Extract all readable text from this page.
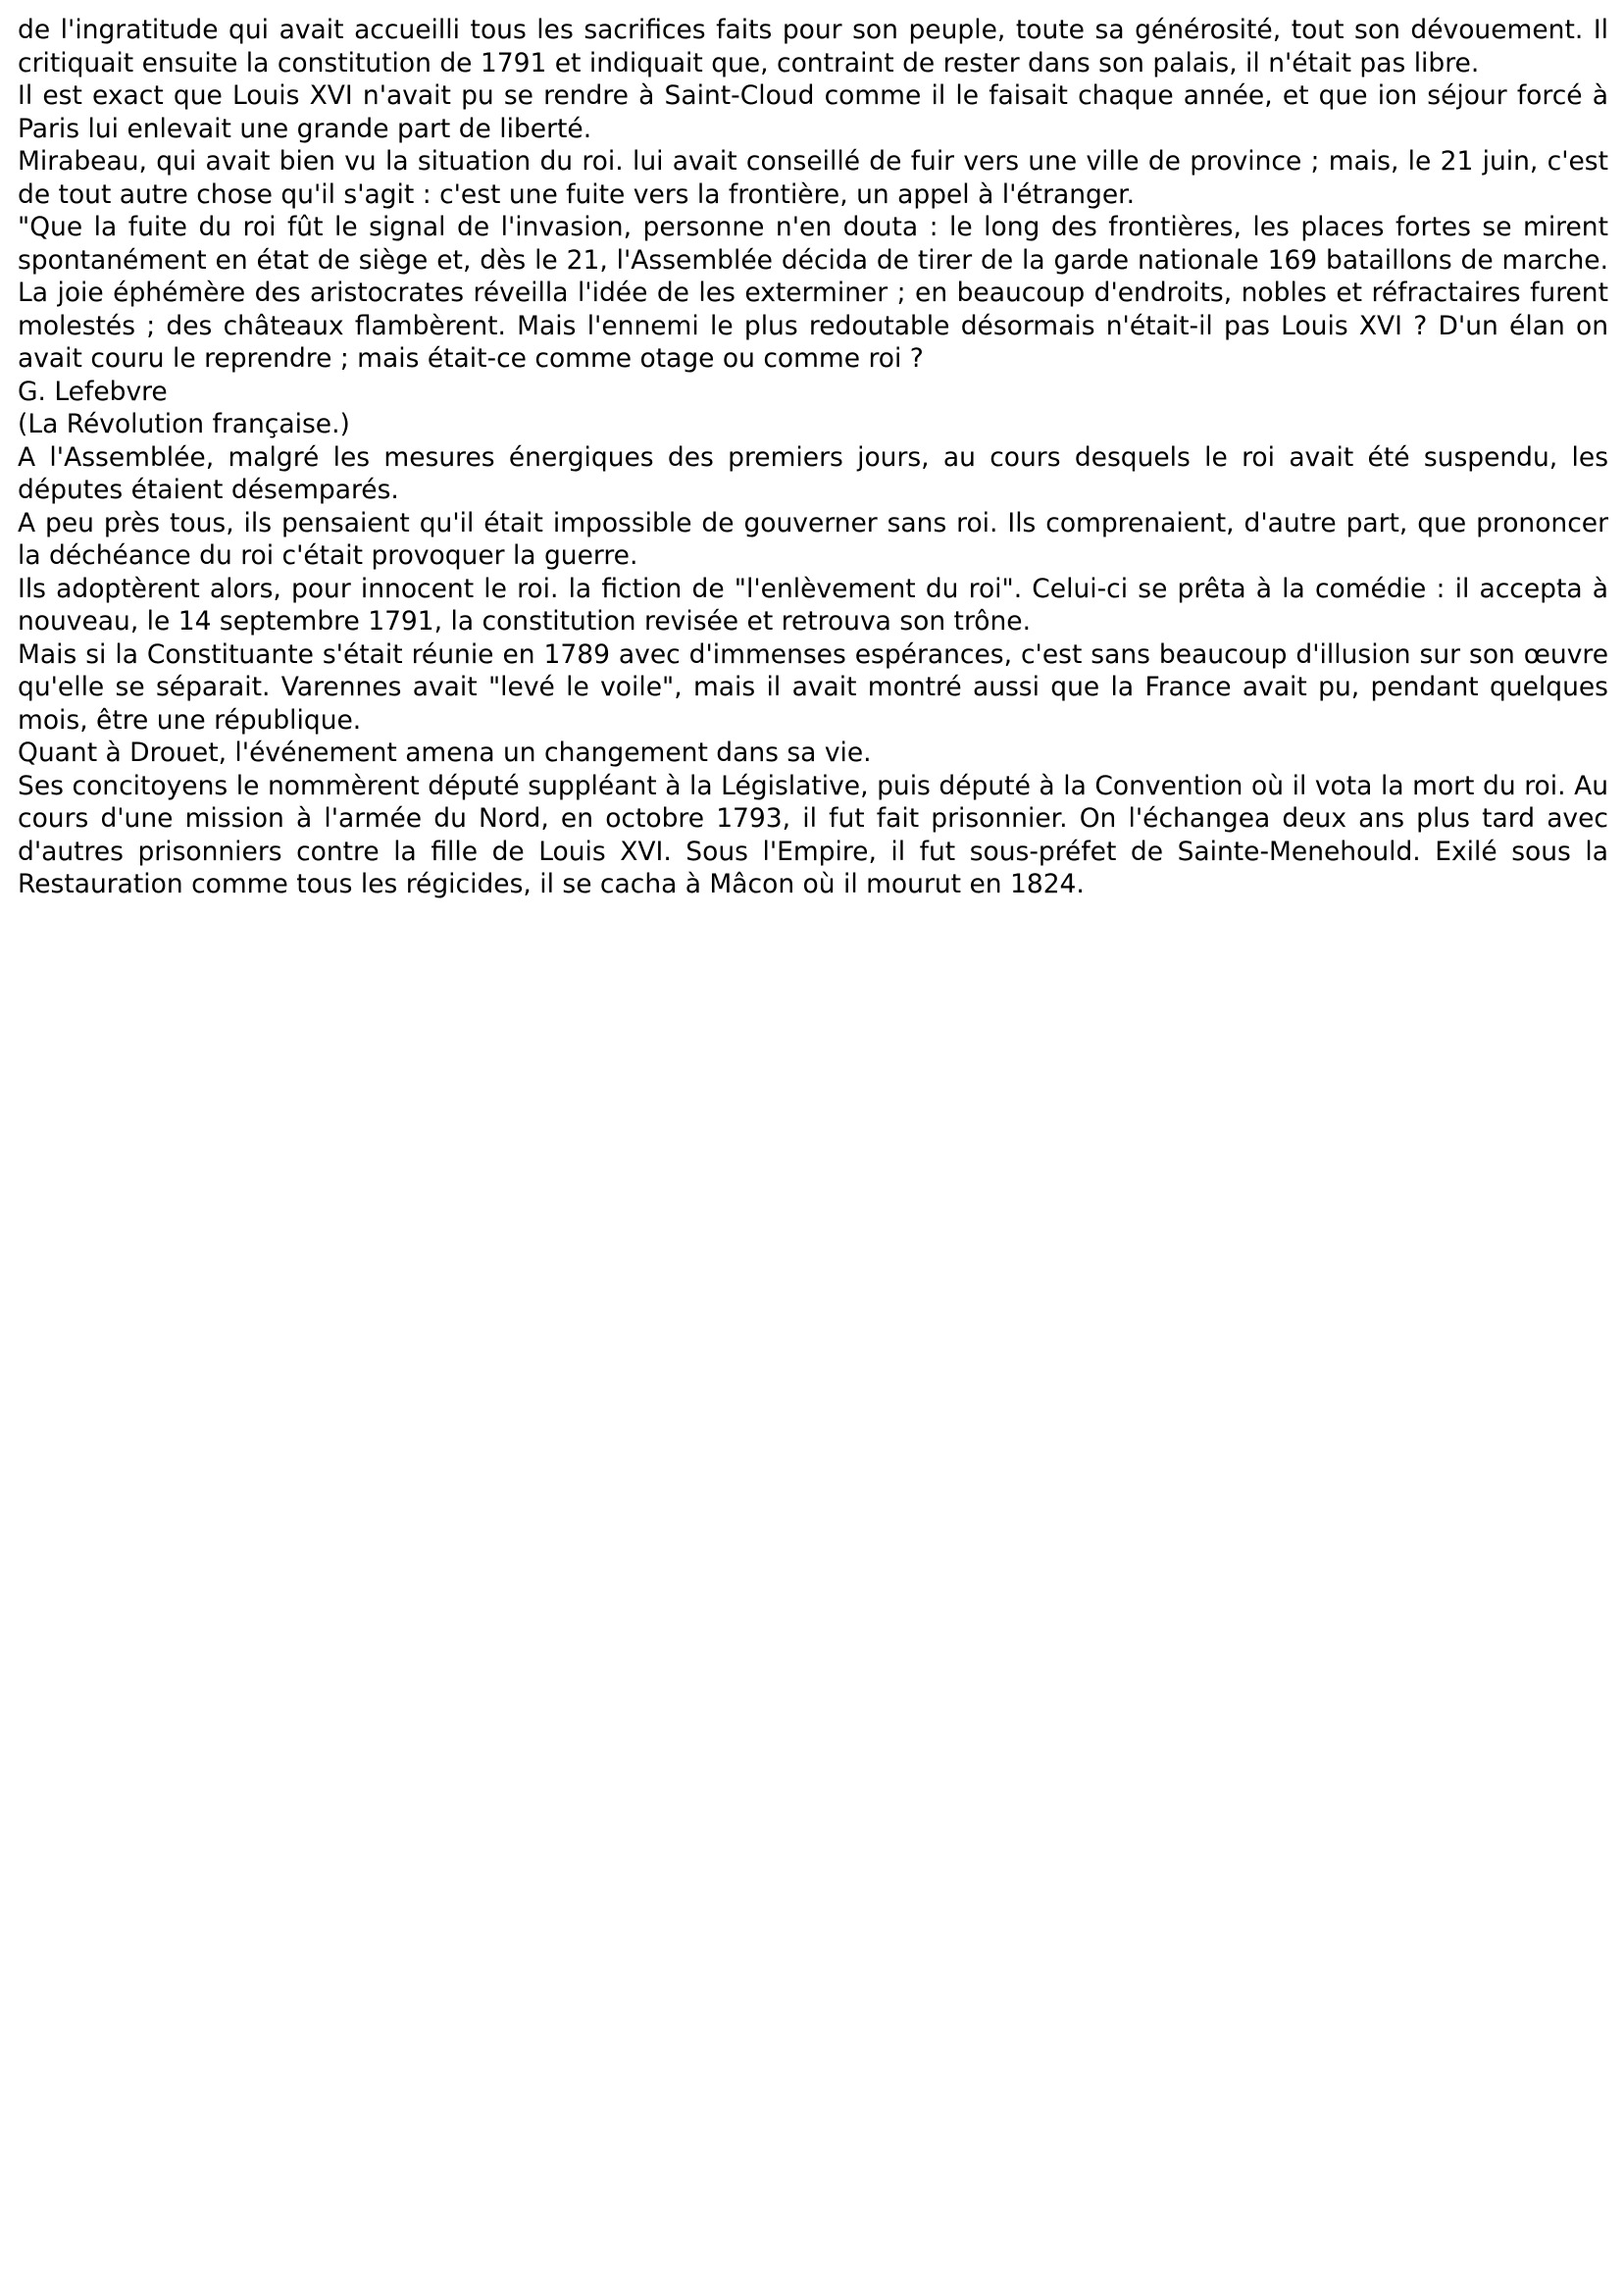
de l'ingratitude qui avait accueilli tous les sacrifices faits pour son peuple, toute sa générosité, tout son dévouement. Il critiquait ensuite la constitution de 1791 et indiquait que, contraint de rester dans son palais, il n'était pas libre.

Il est exact que Louis XVI n'avait pu se rendre à Saint-Cloud comme il le faisait chaque année, et que ion séjour forcé à Paris lui enlevait une grande part de liberté.

Mirabeau, qui avait bien vu la situation du roi. lui avait conseillé de fuir vers une ville de province ; mais, le 21 juin, c'est de tout autre chose qu'il s'agit : c'est une fuite vers la frontière, un appel à l'étranger.

"Que la fuite du roi fût le signal de l'invasion, personne n'en douta : le long des frontières, les places fortes se mirent spontanément en état de siège et, dès le 21, l'Assemblée décida de tirer de la garde nationale 169 bataillons de marche. La joie éphémère des aristocrates réveilla l'idée de les exterminer ; en beaucoup d'endroits, nobles et réfractaires furent molestés ; des châteaux flambèrent. Mais l'ennemi le plus redoutable désormais n'était-il pas Louis XVI ? D'un élan on avait couru le reprendre ; mais était-ce comme otage ou comme roi ?

G. Lefebvre

(La Révolution française.)

A l'Assemblée, malgré les mesures énergiques des premiers jours, au cours desquels le roi avait été suspendu, les députes étaient désemparés.

A peu près tous, ils pensaient qu'il était impossible de gouverner sans roi. Ils comprenaient, d'autre part, que prononcer la déchéance du roi c'était provoquer la guerre.

Ils adoptèrent alors, pour innocent le roi. la fiction de "l'enlèvement du roi". Celui-ci se prêta à la comédie : il accepta à nouveau, le 14 septembre 1791, la constitution revisée et retrouva son trône.

Mais si la Constituante s'était réunie en 1789 avec d'immenses espérances, c'est sans beaucoup d'illusion sur son œuvre qu'elle se séparait. Varennes avait "levé le voile", mais il avait montré aussi que la France avait pu, pendant quelques mois, être une république.

Quant à Drouet, l'événement amena un changement dans sa vie.

Ses concitoyens le nommèrent député suppléant à la Législative, puis député à la Convention où il vota la mort du roi. Au cours d'une mission à l'armée du Nord, en octobre 1793, il fut fait prisonnier. On l'échangea deux ans plus tard avec d'autres prisonniers contre la fille de Louis XVI. Sous l'Empire, il fut sous-préfet de Sainte-Menehould. Exilé sous la Restauration comme tous les régicides, il se cacha à Mâcon où il mourut en 1824.
